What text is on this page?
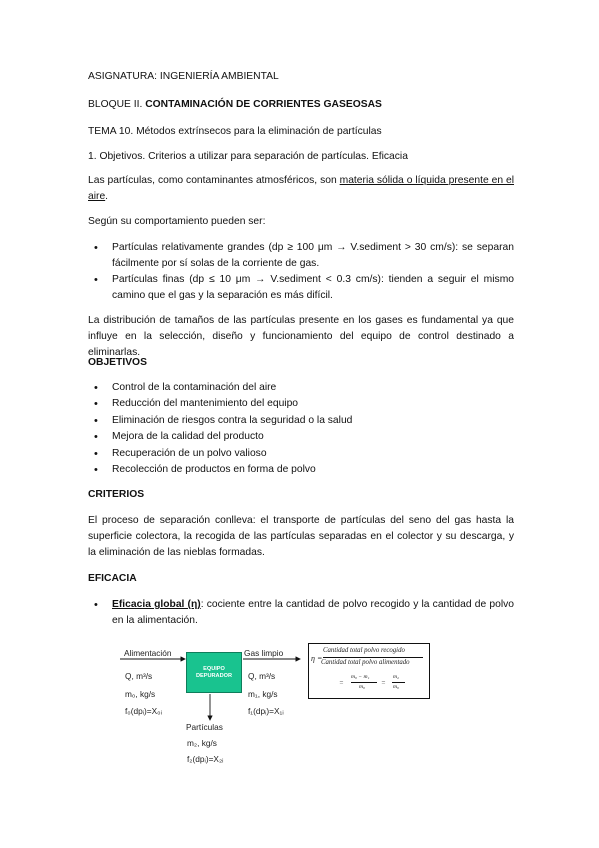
ASIGNATURA: INGENIERÍA AMBIENTAL
BLOQUE II. CONTAMINACIÓN DE CORRIENTES GASEOSAS
TEMA 10. Métodos extrínsecos para la eliminación de partículas
1. Objetivos. Criterios a utilizar para separación de partículas. Eficacia
Las partículas, como contaminantes atmosféricos, son materia sólida o líquida presente en el aire.
Según su comportamiento pueden ser:
• Partículas relativamente grandes (dp ≥ 100 μm → V.sediment > 30 cm/s): se separan fácilmente por sí solas de la corriente de gas.
• Partículas finas (dp ≤ 10 μm → V.sediment < 0.3 cm/s): tienden a seguir el mismo camino que el gas y la separación es más difícil.
La distribución de tamaños de las partículas presente en los gases es fundamental ya que influye en la selección, diseño y funcionamiento del equipo de control destinado a eliminarlas.
OBJETIVOS
• Control de la contaminación del aire
• Reducción del mantenimiento del equipo
• Eliminación de riesgos contra la seguridad o la salud
• Mejora de la calidad del producto
• Recuperación de un polvo valioso
• Recolección de productos en forma de polvo
CRITERIOS
El proceso de separación conlleva: el transporte de partículas del seno del gas hasta la superficie colectora, la recogida de las partículas separadas en el colector y su descarga, y la eliminación de las nieblas formadas.
EFICACIA
• Eficacia global (η): cociente entre la cantidad de polvo recogido y la cantidad de polvo en la alimentación.
EQUIPO
DEPURADOR
Alimentación
Q, m³/s
m₀, kg/s
f₀(dpᵢ)=X₀ᵢ
Gas limpio
Q, m³/s
m₁, kg/s
f₁(dpᵢ)=X₁ᵢ
Partículas
m₂, kg/s
f₂(dpᵢ)=X₂ᵢ
η =
Cantidad total polvo recogido
Cantidad total polvo alimentado
=
m₀ − m₁
m₀ =
m₂
m₀
